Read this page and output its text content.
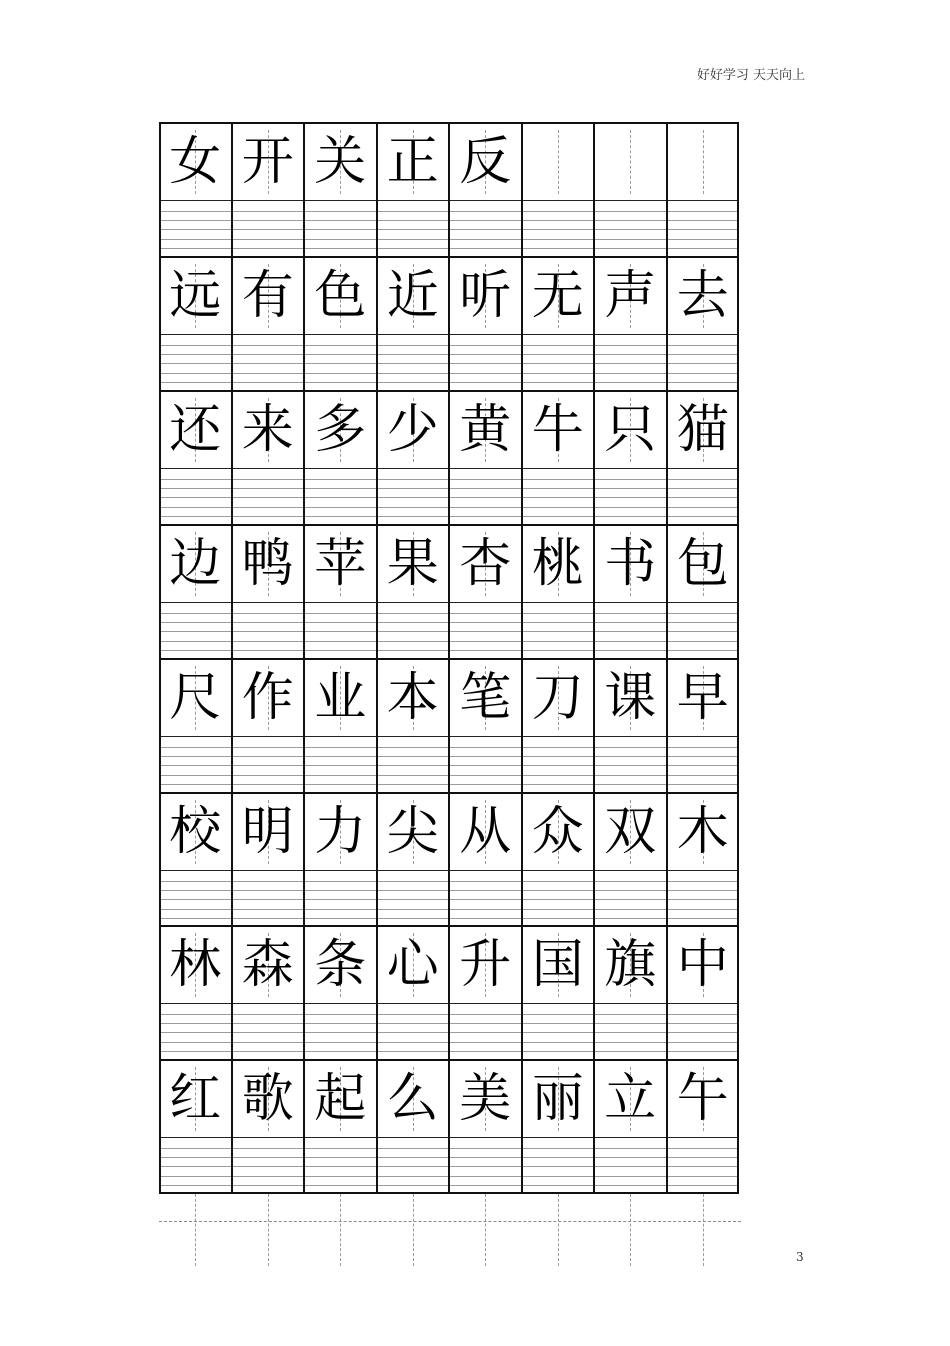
好好学习 天天向上
女 开 关 正 反
远 有 色 近 听 无 声 去
还 来 多 少 黄 牛 只 猫
边 鸭 苹 果 杏 桃 书 包
尺 作 业 本 笔 刀 课 早
校 明 力 尖 从 众 双 木
林 森 条 心 升 国 旗 中
红 歌 起 么 美 丽 立 午
3
